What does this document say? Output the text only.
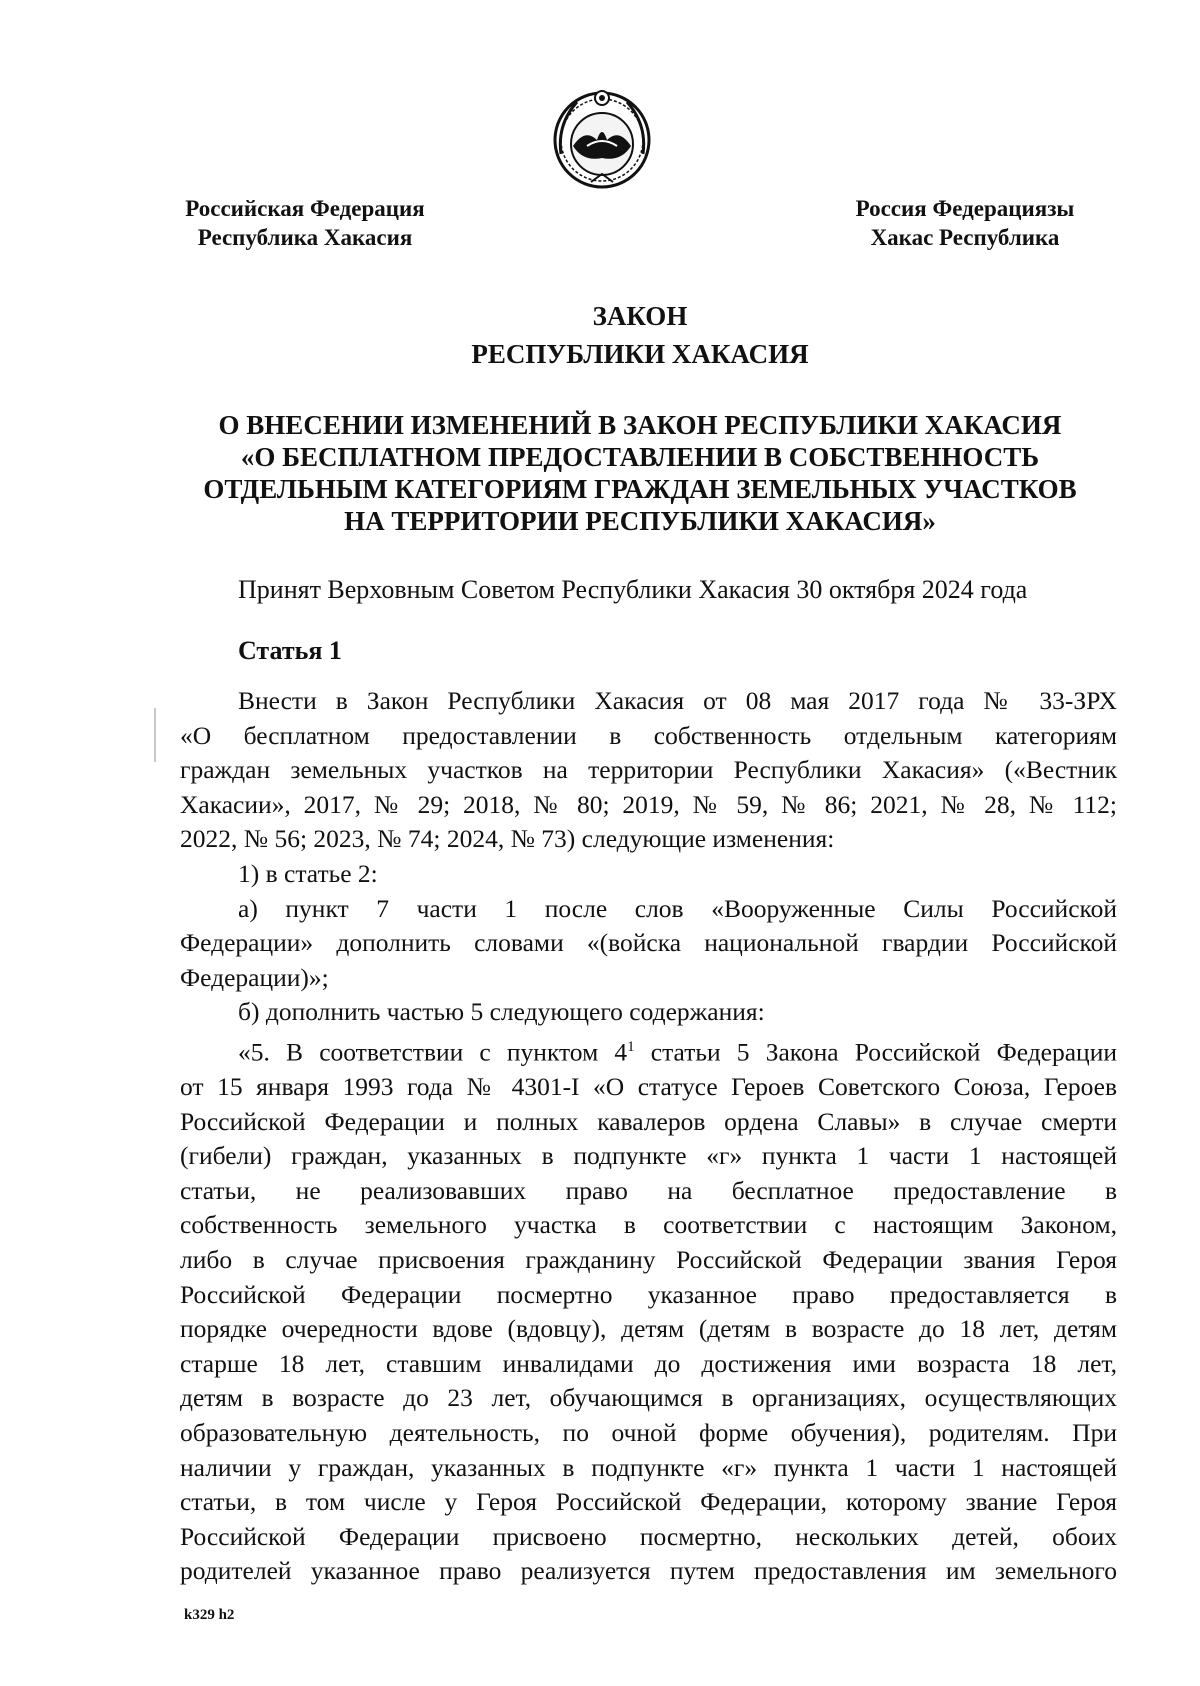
Российская Федерация
Республика Хакасия
Россия Федерациязы
Хакас Республика
ЗАКОН
РЕСПУБЛИКИ ХАКАСИЯ
О ВНЕСЕНИИ ИЗМЕНЕНИЙ В ЗАКОН РЕСПУБЛИКИ ХАКАСИЯ
«О БЕСПЛАТНОМ ПРЕДОСТАВЛЕНИИ В СОБСТВЕННОСТЬ
ОТДЕЛЬНЫМ КАТЕГОРИЯМ ГРАЖДАН ЗЕМЕЛЬНЫХ УЧАСТКОВ
НА ТЕРРИТОРИИ РЕСПУБЛИКИ ХАКАСИЯ»
Принят Верховным Советом Республики Хакасия 30 октября 2024 года
Статья 1
Внести в Закон Республики Хакасия от 08 мая 2017 года № 33-ЗРХ
«О бесплатном предоставлении в собственность отдельным категориям
граждан земельных участков на территории Республики Хакасия» («Вестник
Хакасии», 2017, № 29; 2018, № 80; 2019, № 59, № 86; 2021, № 28, № 112;
2022, № 56; 2023, № 74; 2024, № 73) следующие изменения:
1) в статье 2:
а) пункт 7 части 1 после слов «Вооруженные Силы Российской
Федерации» дополнить словами «(войска национальной гвардии Российской
Федерации)»;
б) дополнить частью 5 следующего содержания:
«5. В соответствии с пунктом $4^1$ статьи 5 Закона Российской Федерации
от 15 января 1993 года № 4301-I «О статусе Героев Советского Союза, Героев
Российской Федерации и полных кавалеров ордена Славы» в случае смерти
(гибели) граждан, указанных в подпункте «г» пункта 1 части 1 настоящей
статьи, не реализовавших право на бесплатное предоставление в
собственность земельного участка в соответствии с настоящим Законом,
либо в случае присвоения гражданину Российской Федерации звания Героя
Российской Федерации посмертно указанное право предоставляется в
порядке очередности вдове (вдовцу), детям (детям в возрасте до 18 лет, детям
старше 18 лет, ставшим инвалидами до достижения ими возраста 18 лет,
детям в возрасте до 23 лет, обучающимся в организациях, осуществляющих
образовательную деятельность, по очной форме обучения), родителям. При
наличии у граждан, указанных в подпункте «г» пункта 1 части 1 настоящей
статьи, в том числе у Героя Российской Федерации, которому звание Героя
Российской Федерации присвоено посмертно, нескольких детей, обоих
родителей указанное право реализуется путем предоставления им земельного
k329 h2
